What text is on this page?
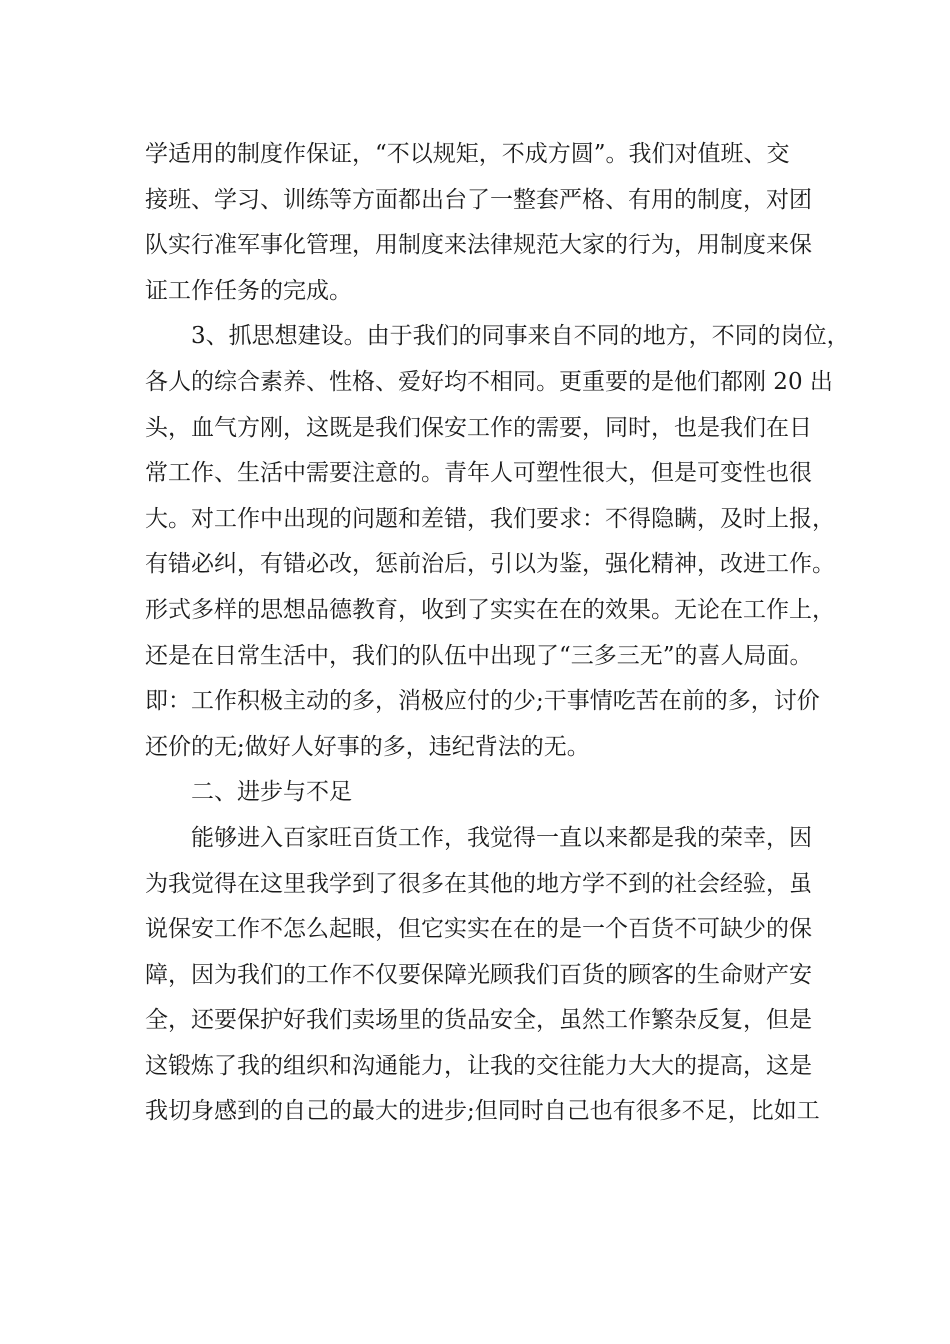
学适用的制度作保证，“不以规矩，不成方圆”。我们对值班、交
接班、学习、训练等方面都出台了一整套严格、有用的制度，对团
队实行准军事化管理，用制度来法律规范大家的行为，用制度来保
证工作任务的完成。
3、抓思想建设。由于我们的同事来自不同的地方，不同的岗位，
各人的综合素养、性格、爱好均不相同。更重要的是他们都刚 20 出
头，血气方刚，这既是我们保安工作的需要，同时，也是我们在日
常工作、生活中需要注意的。青年人可塑性很大，但是可变性也很
大。对工作中出现的问题和差错，我们要求：不得隐瞒，及时上报，
有错必纠，有错必改，惩前治后，引以为鉴，强化精神，改进工作。
形式多样的思想品德教育，收到了实实在在的效果。无论在工作上，
还是在日常生活中，我们的队伍中出现了“三多三无”的喜人局面。
即：工作积极主动的多，消极应付的少;干事情吃苦在前的多，讨价
还价的无;做好人好事的多，违纪背法的无。
二、进步与不足
能够进入百家旺百货工作，我觉得一直以来都是我的荣幸，因
为我觉得在这里我学到了很多在其他的地方学不到的社会经验，虽
说保安工作不怎么起眼，但它实实在在的是一个百货不可缺少的保
障，因为我们的工作不仅要保障光顾我们百货的顾客的生命财产安
全，还要保护好我们卖场里的货品安全，虽然工作繁杂反复，但是
这锻炼了我的组织和沟通能力，让我的交往能力大大的提高，这是
我切身感到的自己的最大的进步;但同时自己也有很多不足，比如工
